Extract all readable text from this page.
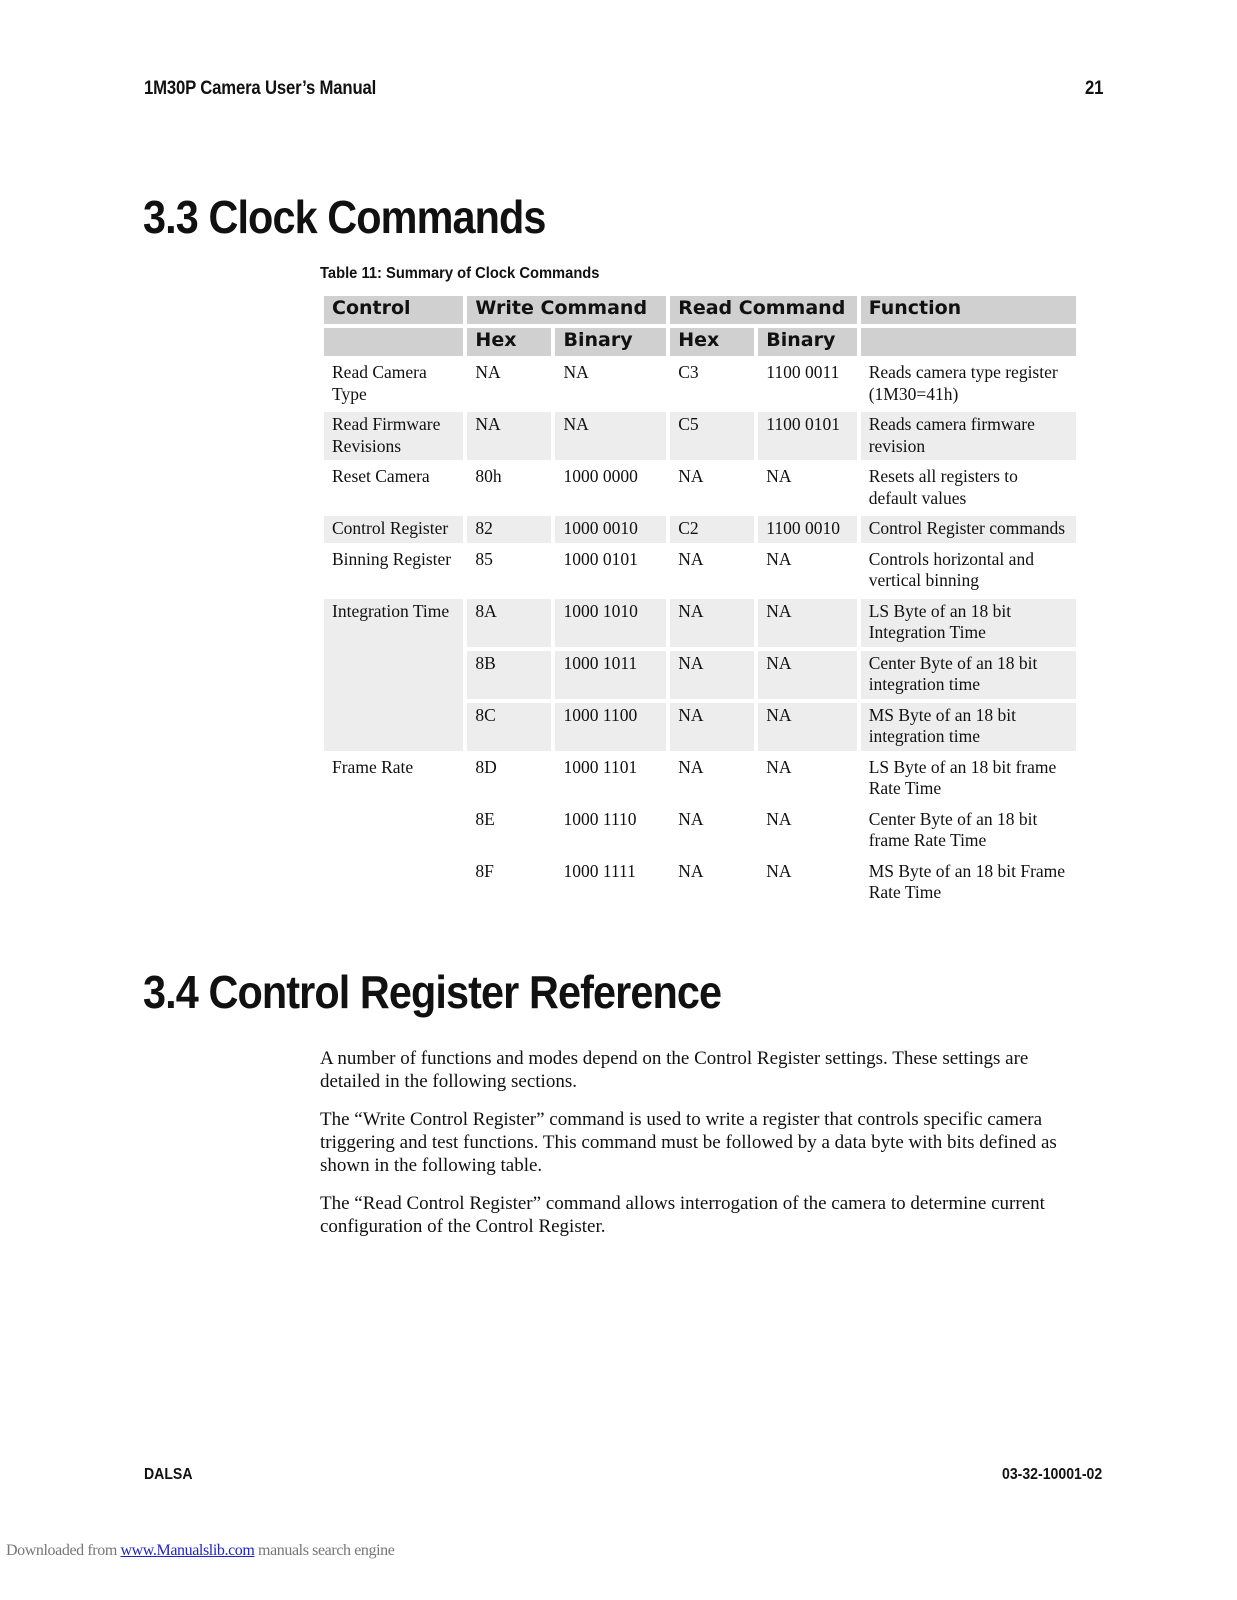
1M30P Camera User’s Manual	21
3.3 Clock Commands
Table 11: Summary of Clock Commands
Control	Write Command		Read Command		Function
	Hex	Binary	Hex	Binary	
Read Camera Type	NA	NA	C3	1100 0011	Reads camera type register (1M30=41h)
Read Firmware Revisions	NA	NA	C5	1100 0101	Reads camera firmware revision
Reset Camera	80h	1000 0000	NA	NA	Resets all registers to default values
Control Register	82	1000 0010	C2	1100 0010	Control Register commands
Binning Register	85	1000 0101	NA	NA	Controls horizontal and vertical binning
Integration Time	8A	1000 1010	NA	NA	LS Byte of an 18 bit Integration Time
	8B	1000 1011	NA	NA	Center Byte of an 18 bit integration time
	8C	1000 1100	NA	NA	MS Byte of an 18 bit integration time
Frame Rate	8D	1000 1101	NA	NA	LS Byte of an 18 bit frame Rate Time
	8E	1000 1110	NA	NA	Center Byte of an 18 bit frame Rate Time
	8F	1000 1111	NA	NA	MS Byte of an 18 bit Frame Rate Time
3.4 Control Register Reference

A number of functions and modes depend on the Control Register settings. These settings are detailed in the following sections.

The “Write Control Register” command is used to write a register that controls specific camera triggering and test functions. This command must be followed by a data byte with bits defined as shown in the following table.

The “Read Control Register” command allows interrogation of the camera to determine current configuration of the Control Register.

DALSA	03-32-10001-02
Downloaded from www.Manualslib.com manuals search engine
